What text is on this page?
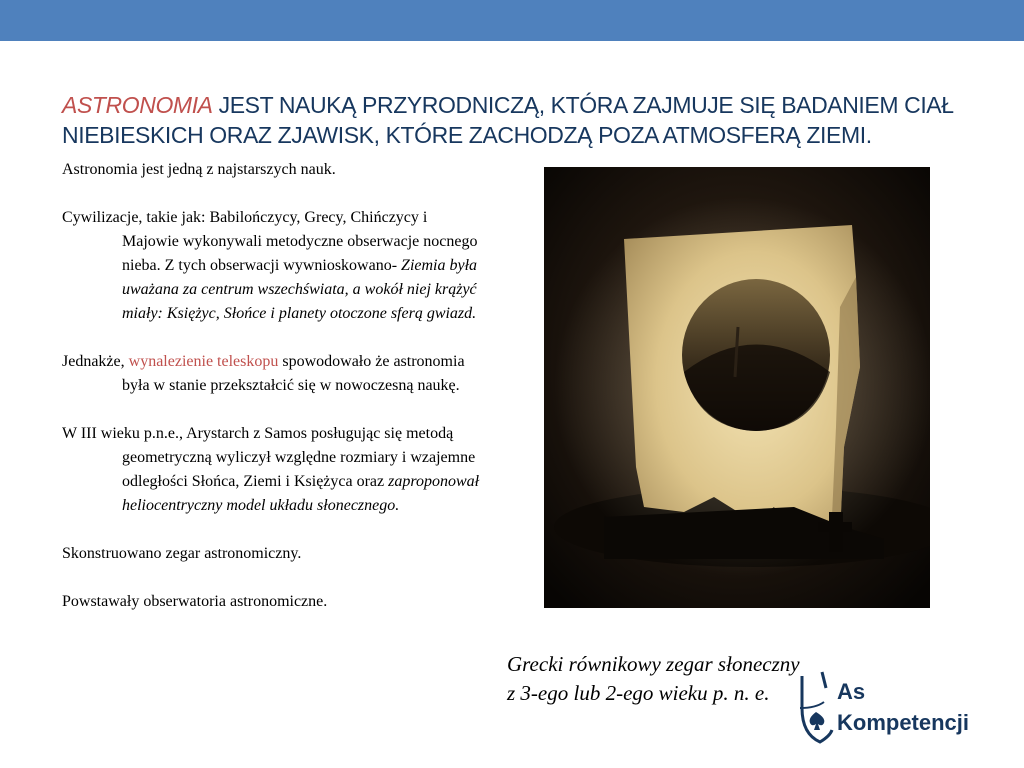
ASTRONOMIA JEST NAUKĄ PRZYRODNICZĄ, KTÓRA ZAJMUJE SIĘ BADANIEM CIAŁ NIEBIESKICH ORAZ ZJAWISK, KTÓRE ZACHODZĄ POZA ATMOSFERĄ ZIEMI.

Astronomia jest jedną z najstarszych nauk.

Cywilizacje, takie jak: Babilończycy, Grecy, Chińczycy i Majowie wykonywali metodyczne obserwacje nocnego nieba. Z tych obserwacji wywnioskowano- Ziemia była uważana za centrum wszechświata, a wokół niej krążyć miały: Księżyc, Słońce i planety otoczone sferą gwiazd.

Jednakże, wynalezienie teleskopu spowodowało że astronomia była w stanie przekształcić się w nowoczesną naukę.

W III wieku p.n.e., Arystarch z Samos posługując się metodą geometryczną wyliczył względne rozmiary i wzajemne odległości Słońca, Ziemi i Księżyca oraz zaproponował heliocentryczny model układu słonecznego.

Skonstruowano zegar astronomiczny.

Powstawały obserwatoria astronomiczne.

Grecki równikowy zegar słoneczny z 3-ego lub 2-ego wieku p. n. e.	As
Kompetencji
